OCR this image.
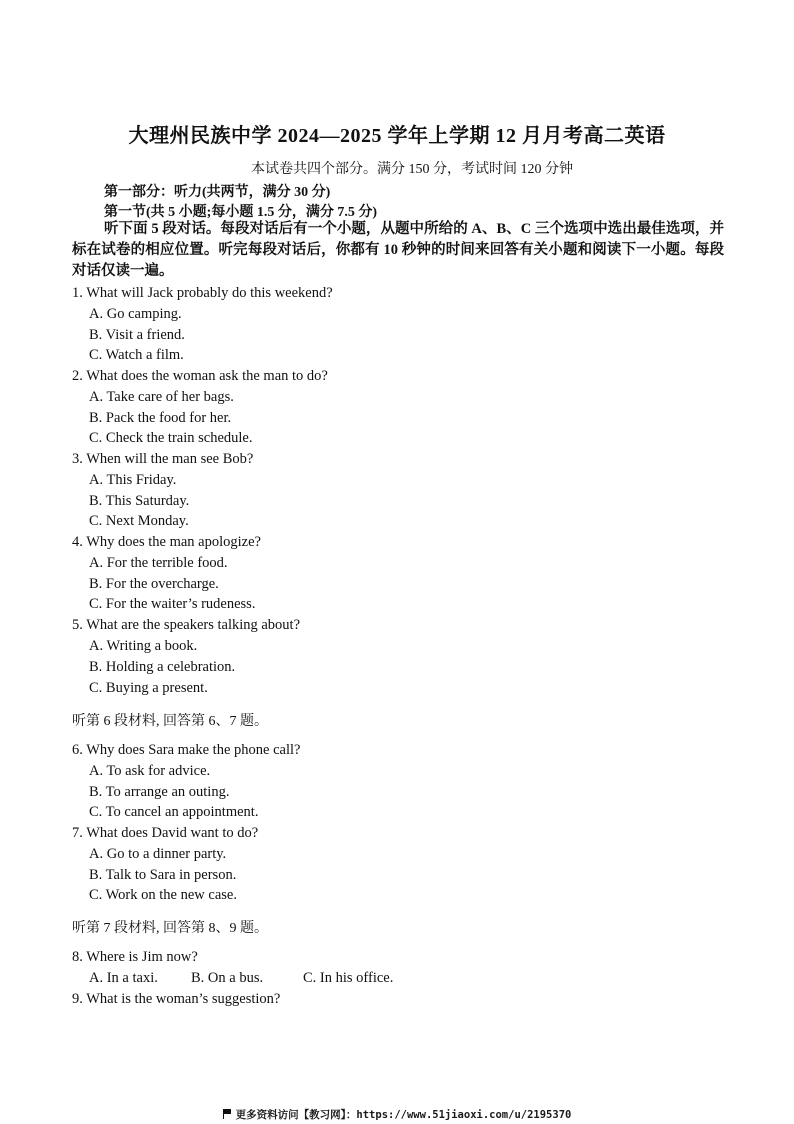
大理州民族中学 2024—2025 学年上学期 12 月月考高二英语
本试卷共四个部分。满分 150 分，考试时间 120 分钟
第一部分：听力(共两节，满分 30 分)
第一节(共 5 小题;每小题 1.5 分，满分 7.5 分)
听下面 5 段对话。每段对话后有一个小题，从题中所给的 A、B、C 三个选项中选出最佳选项，并标在试卷的相应位置。听完每段对话后，你都有 10 秒钟的时间来回答有关小题和阅读下一小题。每段对话仅读一遍。
1. What will Jack probably do this weekend?
A. Go camping.
B. Visit a friend.
C. Watch a film.
2. What does the woman ask the man to do?
A. Take care of her bags.
B. Pack the food for her.
C. Check the train schedule.
3. When will the man see Bob?
A. This Friday.
B. This Saturday.
C. Next Monday.
4. Why does the man apologize?
A. For the terrible food.
B. For the overcharge.
C. For the waiter’s rudeness.
5. What are the speakers talking about?
A. Writing a book.
B. Holding a celebration.
C. Buying a present.
听第 6 段材料, 回答第 6、7 题。
6. Why does Sara make the phone call?
A. To ask for advice.
B. To arrange an outing.
C. To cancel an appointment.
7. What does David want to do?
A. Go to a dinner party.
B. Talk to Sara in person.
C. Work on the new case.
听第 7 段材料, 回答第 8、9 题。
8. Where is Jim now?
A. In a taxi. B. On a bus.	C. In his office.
9. What is the woman’s suggestion?
更多资料访问【教习网】：https://www.51jiaoxi.com/u/2195370
